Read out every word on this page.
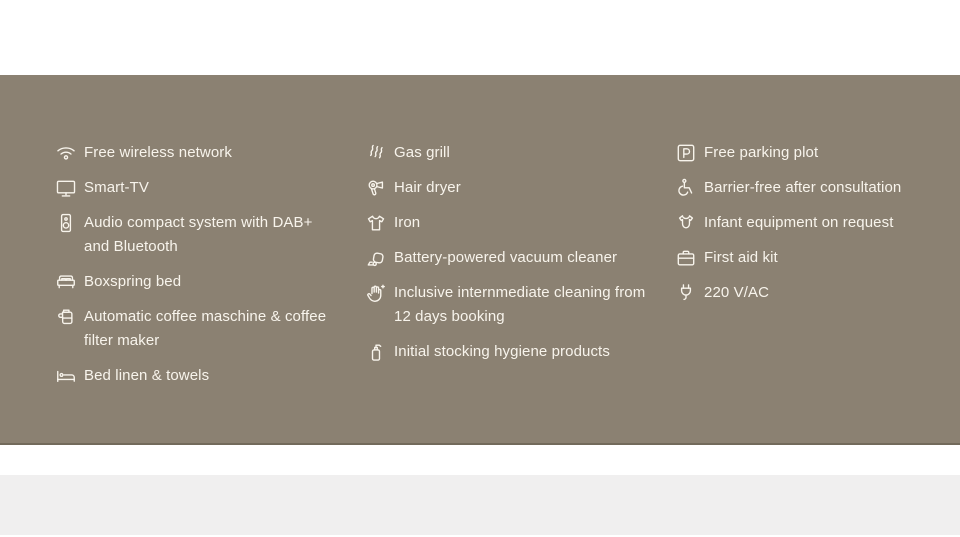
Free wireless network
Smart-TV
Audio compact system with DAB+ and Bluetooth
Boxspring bed
Automatic coffee maschine & coffee filter maker
Bed linen & towels
Gas grill
Hair dryer
Iron
Battery-powered vacuum cleaner
Inclusive internmediate cleaning from 12 days booking
Initial stocking hygiene products
Free parking plot
Barrier-free after consultation
Infant equipment on request
First aid kit
220 V/AC
